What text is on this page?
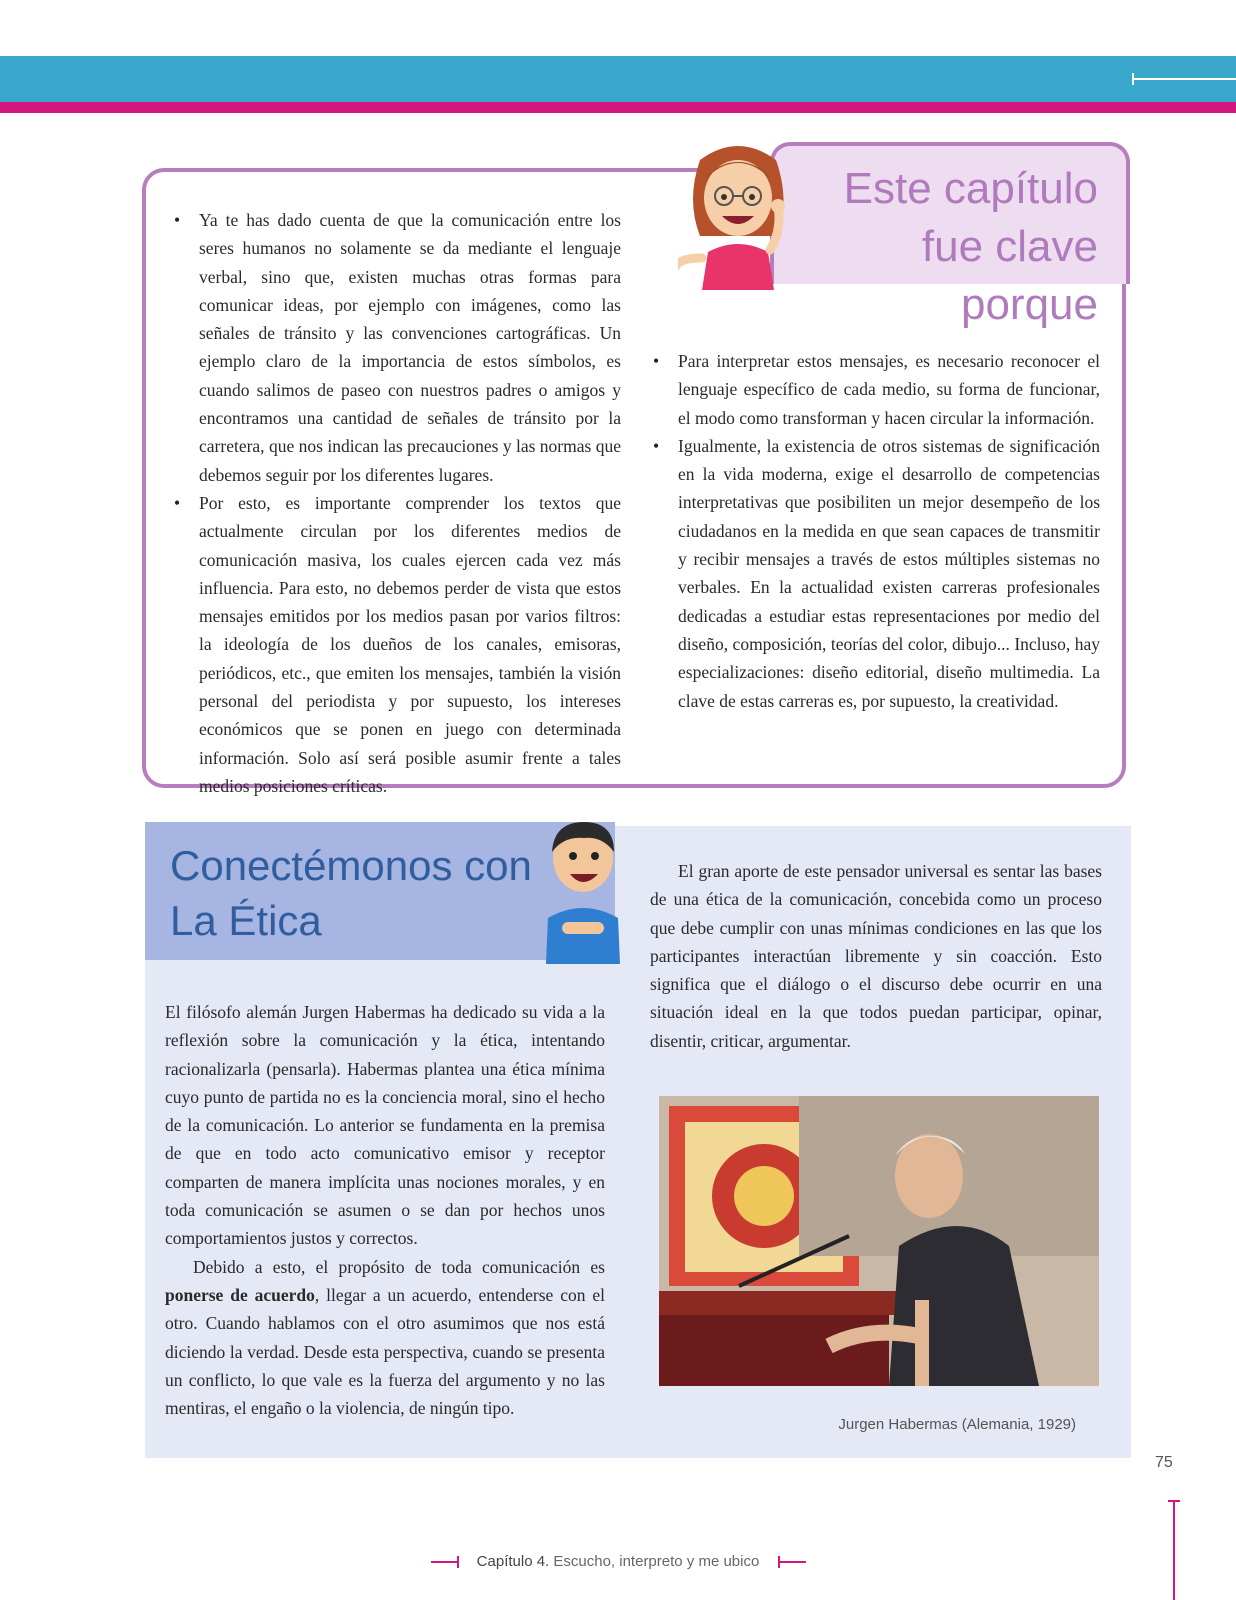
Este capítulo
fue clave porque
• Ya te has dado cuenta de que la comunicación entre los seres humanos no solamente se da mediante el lenguaje verbal, sino que, existen muchas otras formas para comunicar ideas, por ejemplo con imágenes, como las señales de tránsito y las convenciones cartográficas. Un ejemplo claro de la importancia de estos símbolos, es cuando salimos de paseo con nuestros padres o amigos y encontramos una cantidad de señales de tránsito por la carretera, que nos indican las precauciones y las normas que debemos seguir por los diferentes lugares.
• Por esto, es importante comprender los textos que actualmente circulan por los diferentes medios de comunicación masiva, los cuales ejercen cada vez más influencia. Para esto, no debemos perder de vista que estos mensajes emitidos por los medios pasan por varios filtros: la ideología de los dueños de los canales, emisoras, periódicos, etc., que emiten los mensajes, también la visión personal del periodista y por supuesto, los intereses económicos que se ponen en juego con determinada información. Solo así será posible asumir frente a tales medios posiciones críticas.
• Para interpretar estos mensajes, es necesario reconocer el lenguaje específico de cada medio, su forma de funcionar, el modo como transforman y hacen circular la información.
• Igualmente, la existencia de otros sistemas de significación en la vida moderna, exige el desarrollo de competencias interpretativas que posibiliten un mejor desempeño de los ciudadanos en la medida en que sean capaces de transmitir y recibir mensajes a través de estos múltiples sistemas no verbales. En la actualidad existen carreras profesionales dedicadas a estudiar estas representaciones por medio del diseño, composición, teorías del color, dibujo... Incluso, hay especializaciones: diseño editorial, diseño multimedia. La clave de estas carreras es, por supuesto, la creatividad.
Conectémonos con
La Ética

El filósofo alemán Jurgen Habermas ha dedicado su vida a la reflexión sobre la comunicación y la ética, intentando racionalizarla (pensarla). Habermas plantea una ética mínima cuyo punto de partida no es la conciencia moral, sino el hecho de la comunicación. Lo anterior se fundamenta en la premisa de que en todo acto comunicativo emisor y receptor comparten de manera implícita unas nociones morales, y en toda comunicación se asumen o se dan por hechos unos comportamientos justos y correctos.

Debido a esto, el propósito de toda comunicación es ponerse de acuerdo, llegar a un acuerdo, entenderse con el otro. Cuando hablamos con el otro asumimos que nos está diciendo la verdad. Desde esta perspectiva, cuando se presenta un conflicto, lo que vale es la fuerza del argumento y no las mentiras, el engaño o la violencia, de ningún tipo.

El gran aporte de este pensador universal es sentar las bases de una ética de la comunicación, concebida como un proceso que debe cumplir con unas mínimas condiciones en las que los participantes interactúan libremente y sin coacción. Esto significa que el diálogo o el discurso debe ocurrir en una situación ideal en la que todos puedan participar, opinar, disentir, criticar, argumentar.

Jurgen Habermas (Alemania, 1929)
75
Capítulo 4. Escucho, interpreto y me ubico
